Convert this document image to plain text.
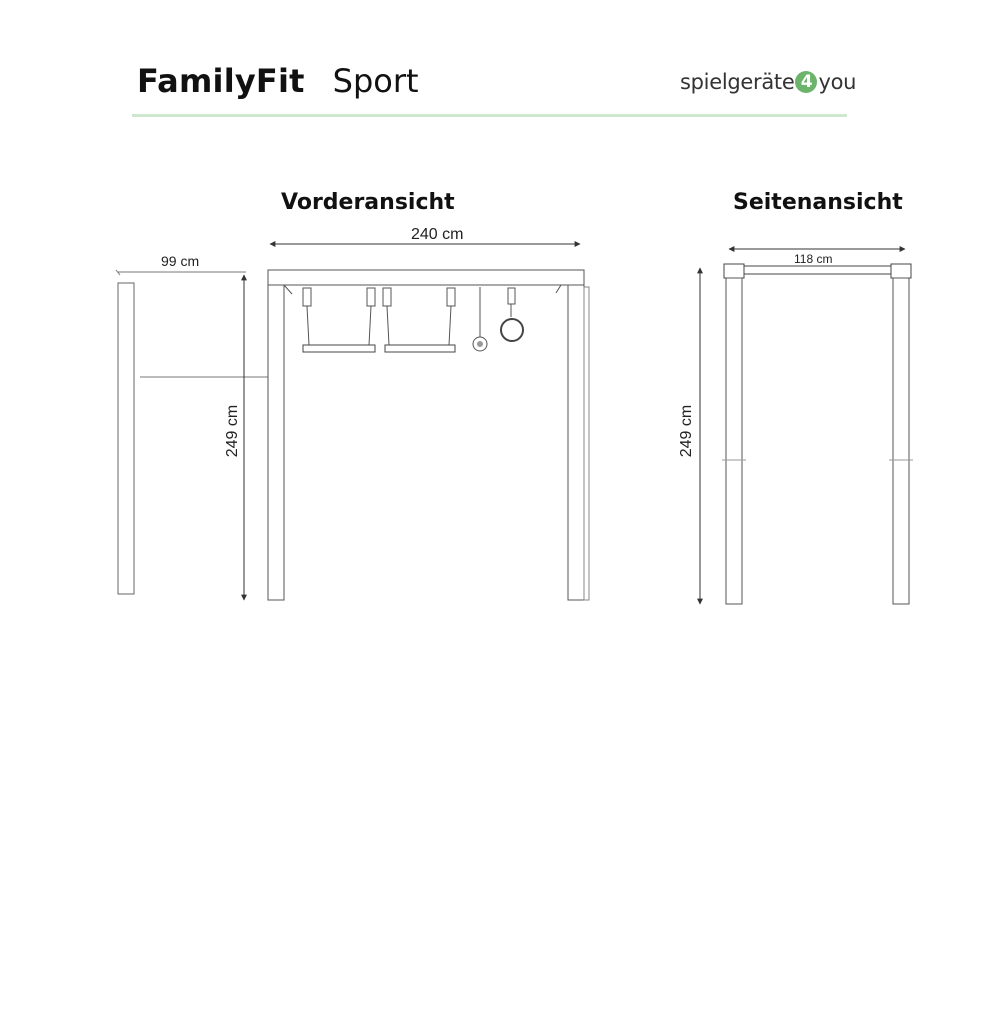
FamilyFit Sport	spielgeräte 4 you
Vorderansicht	Seitenansicht
240 cm
99 cm
249 cm
118 cm
249 cm
